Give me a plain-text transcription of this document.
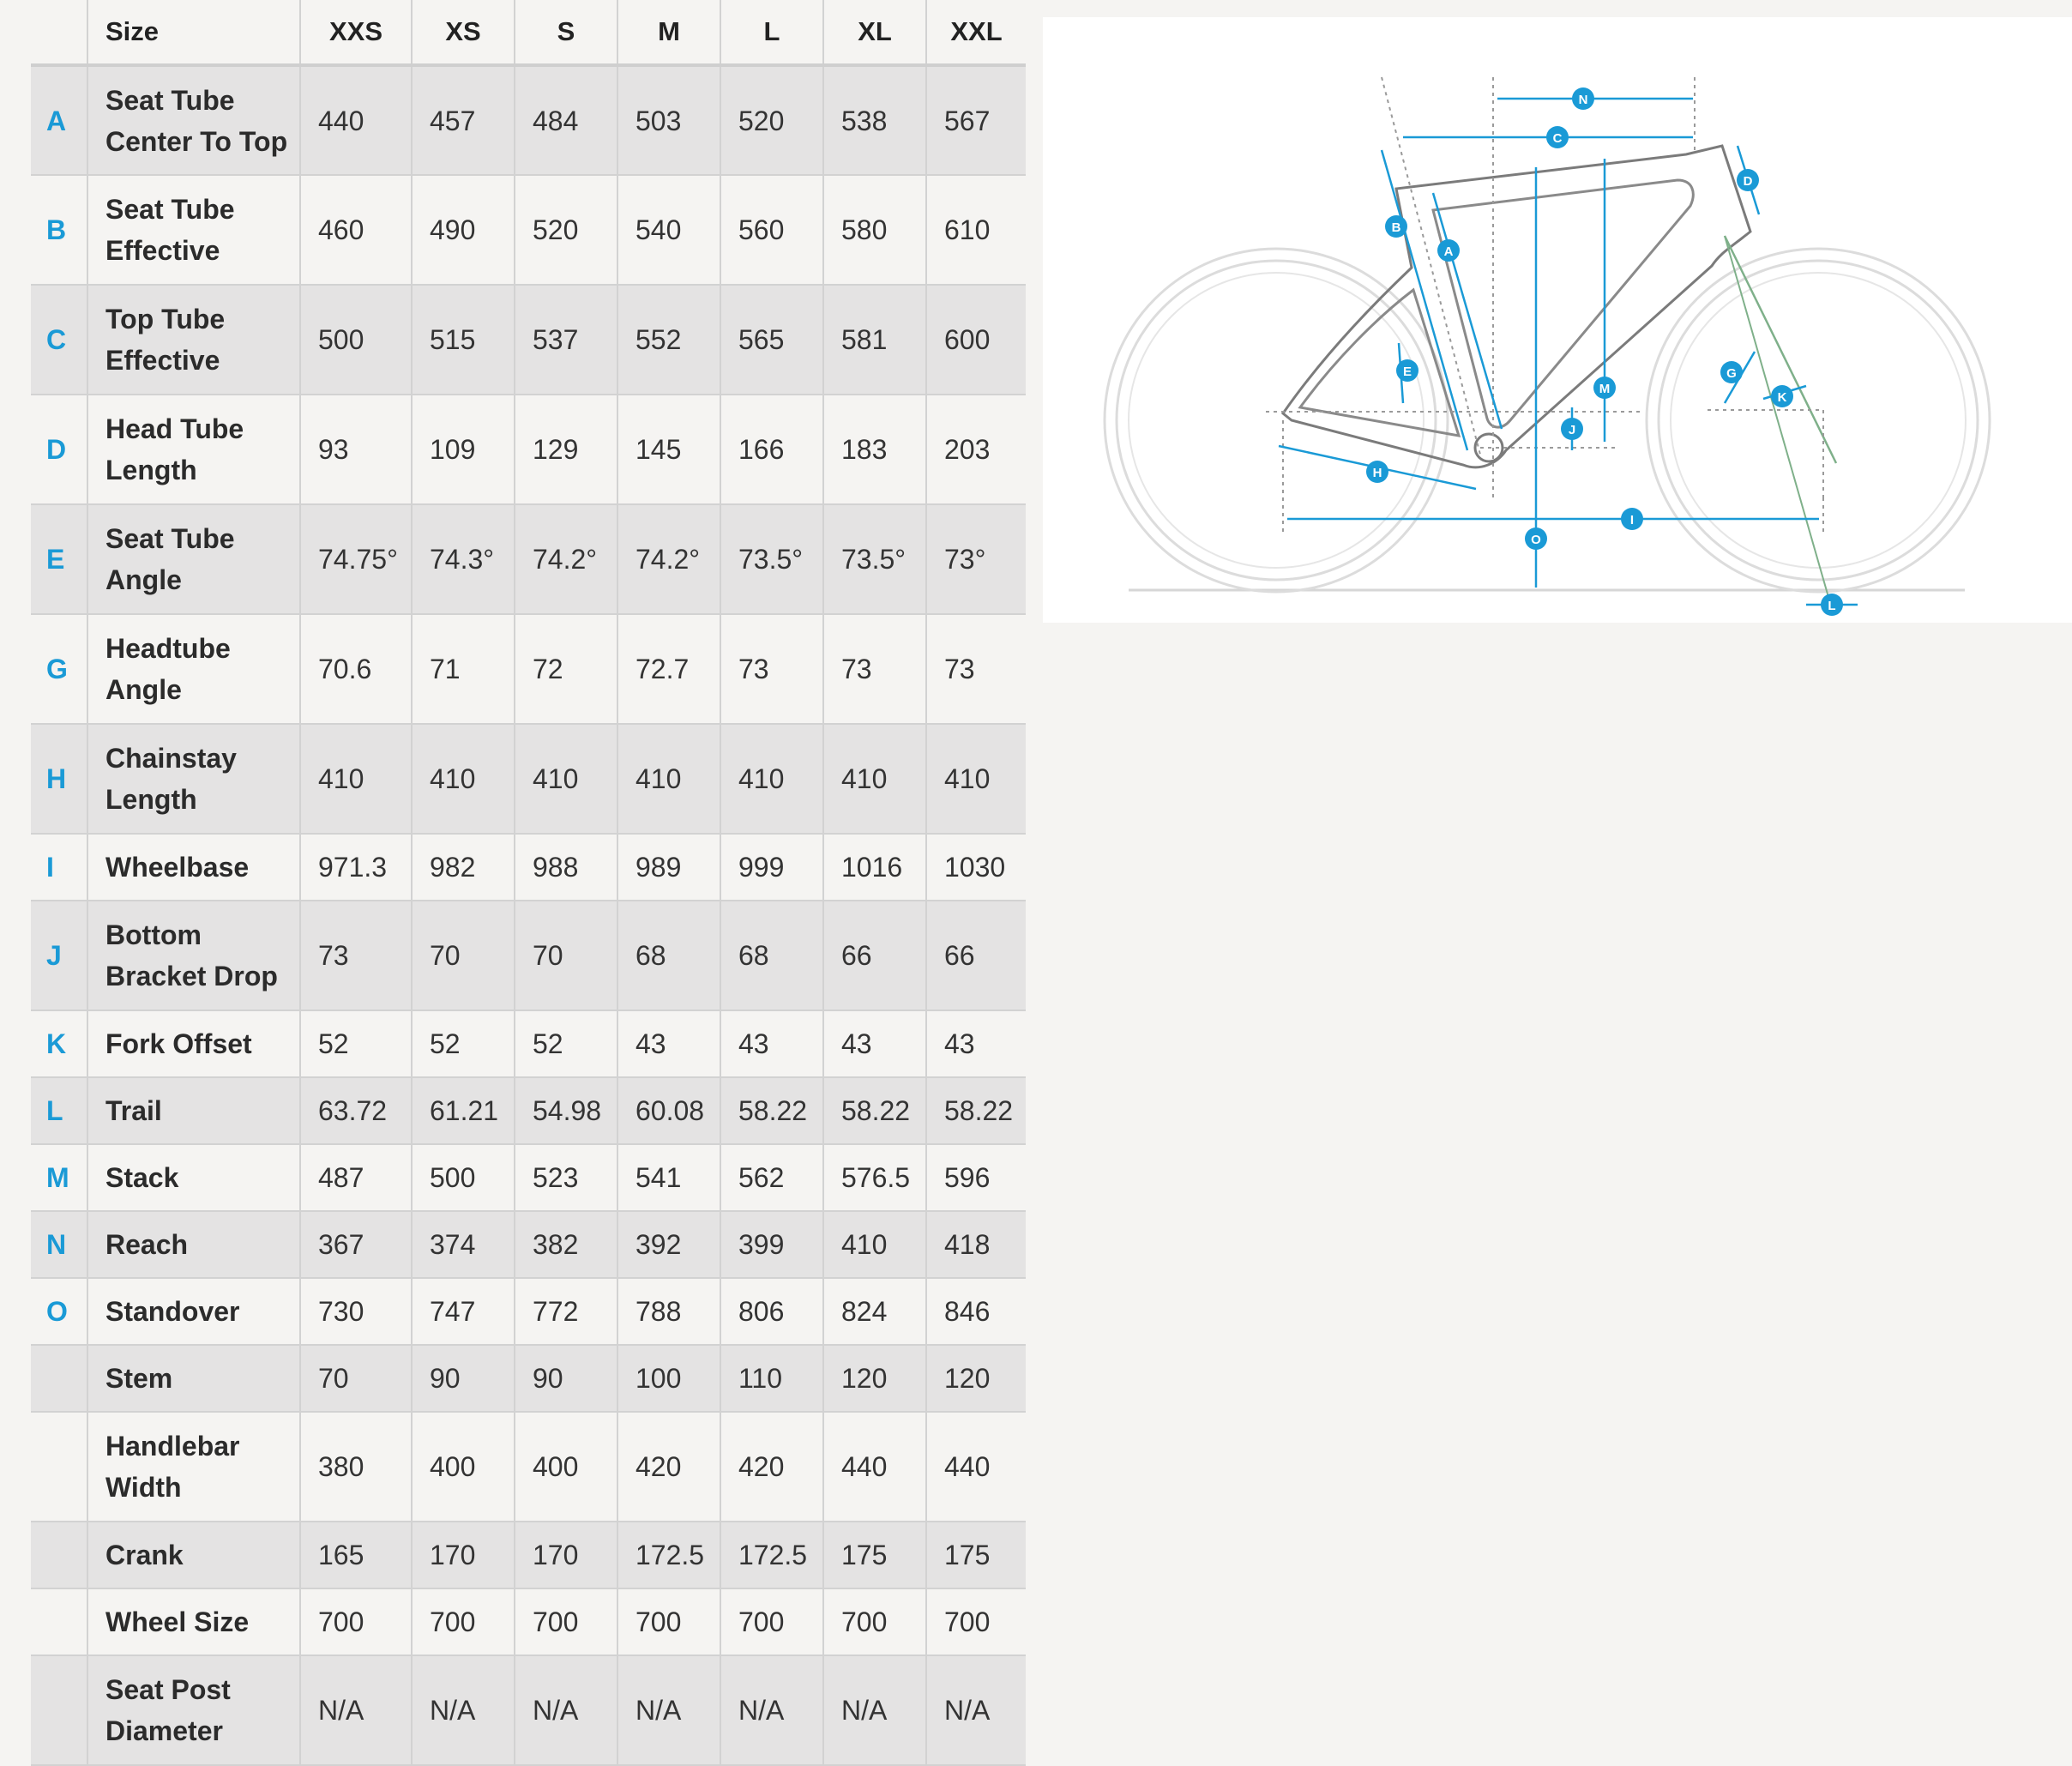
	Size	XXS	XS	S	M	L	XL	XXL
A	Seat Tube Center To Top	440	457	484	503	520	538	567
B	Seat Tube Effective	460	490	520	540	560	580	610
C	Top Tube Effective	500	515	537	552	565	581	600
D	Head Tube Length	93	109	129	145	166	183	203
E	Seat Tube Angle	74.75°	74.3°	74.2°	74.2°	73.5°	73.5°	73°
G	Headtube Angle	70.6	71	72	72.7	73	73	73
H	Chainstay Length	410	410	410	410	410	410	410
I	Wheelbase	971.3	982	988	989	999	1016	1030
J	Bottom Bracket Drop	73	70	70	68	68	66	66
K	Fork Offset	52	52	52	43	43	43	43
L	Trail	63.72	61.21	54.98	60.08	58.22	58.22	58.22
M	Stack	487	500	523	541	562	576.5	596
N	Reach	367	374	382	392	399	410	418
O	Standover	730	747	772	788	806	824	846
	Stem	70	90	90	100	110	120	120
	Handlebar Width	380	400	400	420	420	440	440
	Crank	165	170	170	172.5	172.5	175	175
	Wheel Size	700	700	700	700	700	700	700
	Seat Post Diameter	N/A	N/A	N/A	N/A	N/A	N/A	N/A
N
C
D
B
A
E
M
J
H
I
O
G
K
L
